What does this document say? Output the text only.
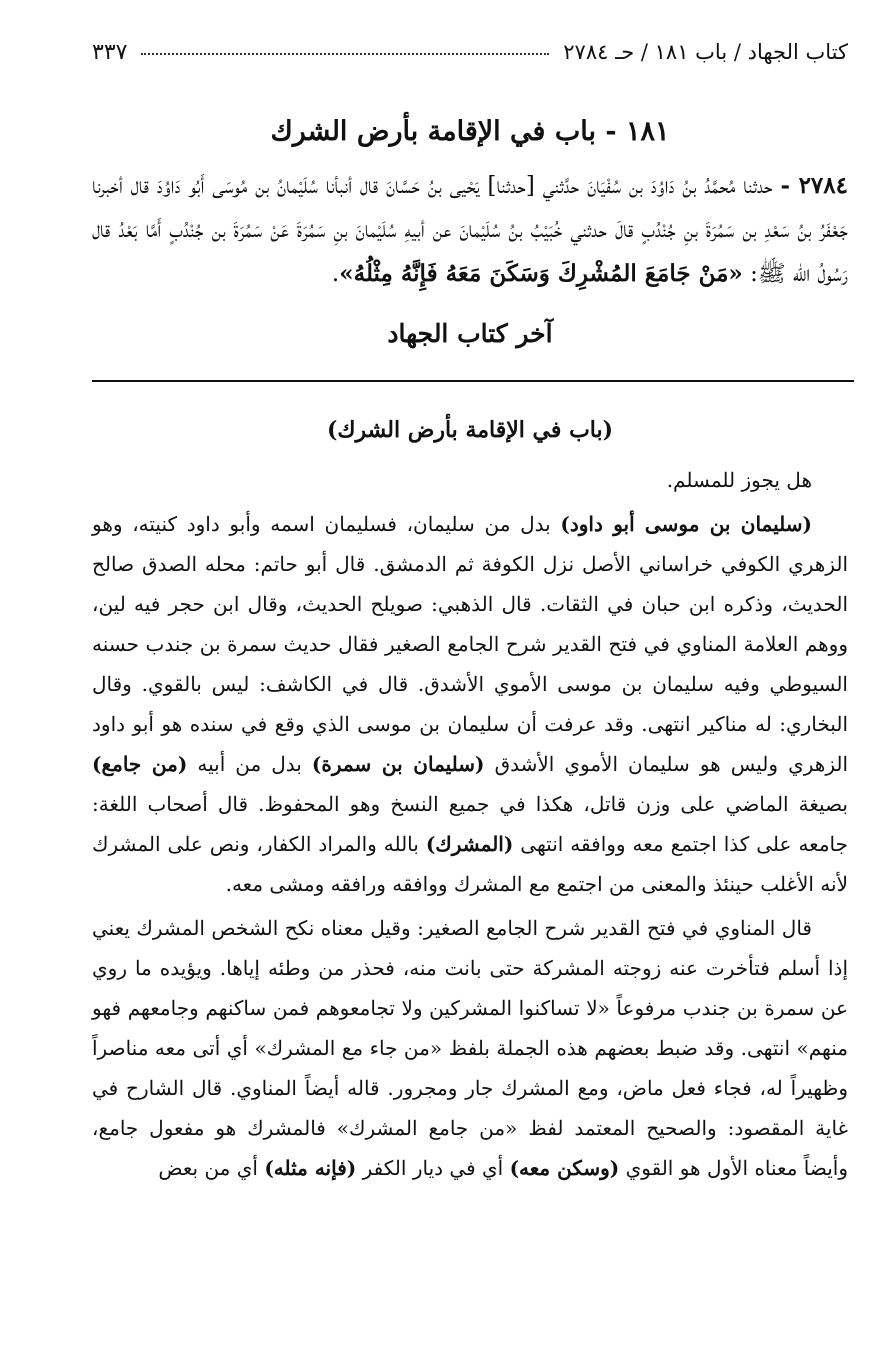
كتاب الجهاد / باب ١٨١ / حـ ٢٧٨٤
٣٣٧
١٨١ - باب في الإقامة بأرض الشرك
٢٧٨٤ - حدثنا مُحمَّدُ بنُ دَاوُدَ بن سُفْيَانَ حدَّثني [حدثنا] يَحْيى بنُ حَسَّانَ قال أنبأنا سُلَيْمانُ بن مُوسَى أَبُو دَاوُدَ قال أخبرنا جَعْفَرُ بنُ سَعْدِ بن سَمُرَةَ بنِ جُنْدُبٍ قالَ حدثني خُبَيْبُ بنُ سُلَيْمانَ عن أبيهِ سُلَيْمانَ بنِ سَمُرَةَ عَنْ سَمُرَةَ بن جُنْدُبٍ أَمَّا بَعْدُ قال رَسُولُ الله ﷺ: «مَنْ جَامَعَ المُشْرِكَ وَسَكَنَ مَعَهُ فَإِنَّهُ مِثْلُهُ».
آخر كتاب الجهاد
(باب في الإقامة بأرض الشرك)

هل يجوز للمسلم.

(سليمان بن موسى أبو داود) بدل من سليمان، فسليمان اسمه وأبو داود كنيته، وهو الزهري الكوفي خراساني الأصل نزل الكوفة ثم الدمشق. قال أبو حاتم: محله الصدق صالح الحديث، وذكره ابن حبان في الثقات. قال الذهبي: صويلح الحديث، وقال ابن حجر فيه لين، ووهم العلامة المناوي في فتح القدير شرح الجامع الصغير فقال حديث سمرة بن جندب حسنه السيوطي وفيه سليمان بن موسى الأموي الأشدق. قال في الكاشف: ليس بالقوي. وقال البخاري: له مناكير انتهى. وقد عرفت أن سليمان بن موسى الذي وقع في سنده هو أبو داود الزهري وليس هو سليمان الأموي الأشدق (سليمان بن سمرة) بدل من أبيه (من جامع) بصيغة الماضي على وزن قاتل، هكذا في جميع النسخ وهو المحفوظ. قال أصحاب اللغة: جامعه على كذا اجتمع معه ووافقه انتهى (المشرك) بالله والمراد الكفار، ونص على المشرك لأنه الأغلب حينئذ والمعنى من اجتمع مع المشرك ووافقه ورافقه ومشى معه.

قال المناوي في فتح القدير شرح الجامع الصغير: وقيل معناه نكح الشخص المشرك يعني إذا أسلم فتأخرت عنه زوجته المشركة حتى بانت منه، فحذر من وطئه إياها. ويؤيده ما روي عن سمرة بن جندب مرفوعاً «لا تساكنوا المشركين ولا تجامعوهم فمن ساكنهم وجامعهم فهو منهم» انتهى. وقد ضبط بعضهم هذه الجملة بلفظ «من جاء مع المشرك» أي أتى معه مناصراً وظهيراً له، فجاء فعل ماض، ومع المشرك جار ومجرور. قاله أيضاً المناوي. قال الشارح في غاية المقصود: والصحيح المعتمد لفظ «من جامع المشرك» فالمشرك هو مفعول جامع، وأيضاً معناه الأول هو القوي (وسكن معه) أي في ديار الكفر (فإنه مثله) أي من بعض
